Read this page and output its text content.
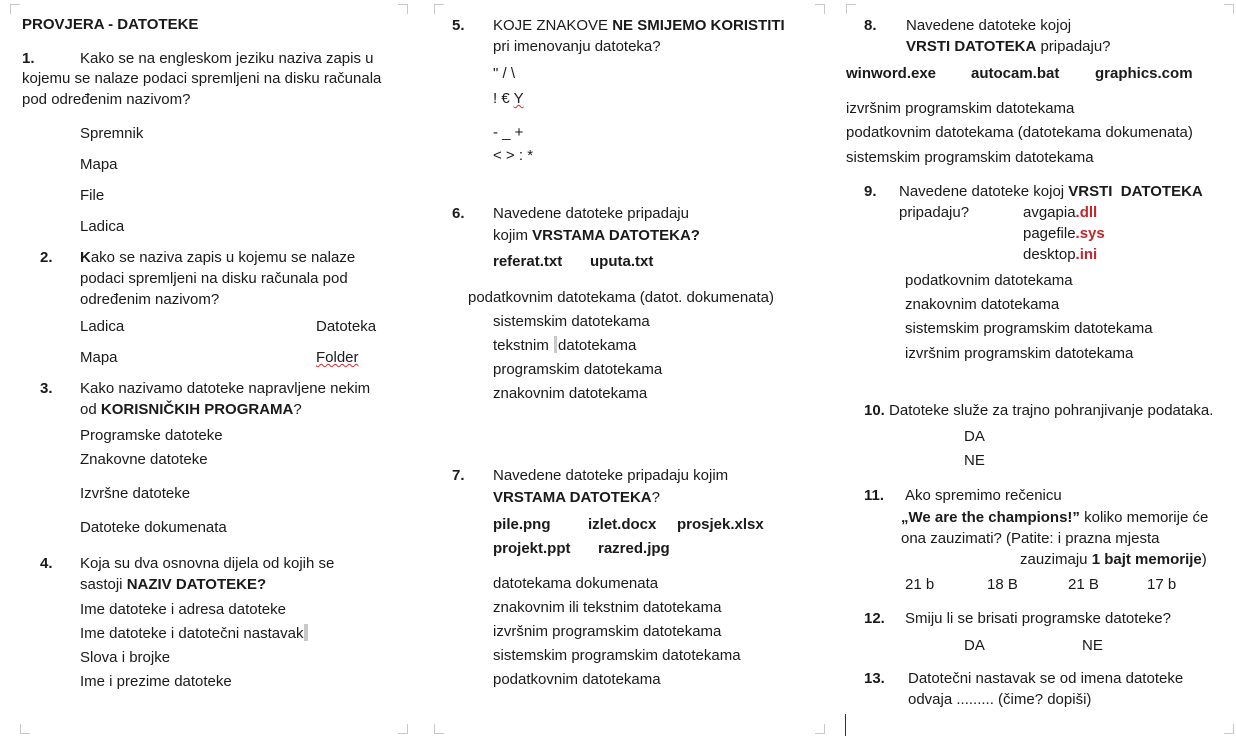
PROVJERA - DATOTEKE
1.	Kako se na engleskom jeziku naziva zapis u
kojemu se nalaze podaci spremljeni na disku računala
pod određenim nazivom?
Spremnik
Mapa
File
Ladica
2. Kako se naziva zapis u kojemu se nalaze
podaci spremljeni na disku računala pod
određenim nazivom?
Ladica	Datoteka
Mapa	Folder
3. Kako nazivamo datoteke napravljene nekim
od KORISNIČKIH PROGRAMA?
Programske datoteke
Znakovne datoteke
Izvršne datoteke
Datoteke dokumenata
4. Koja su dva osnovna dijela od kojih se
sastoji NAZIV DATOTEKE?
Ime datoteke i adresa datoteke
Ime datoteke i datotečni nastavak
Slova i brojke
Ime i prezime datoteke
5. KOJE ZNAKOVE NE SMIJEMO KORISTITI
pri imenovanju datoteka?
" / \
! € Y
- _ +
< > : *
6. Navedene datoteke pripadaju
kojim VRSTAMA DATOTEKA?
referat.txt uputa.txt
podatkovnim datotekama (datot. dokumenata)
sistemskim datotekama
tekstnim datotekama
programskim datotekama
znakovnim datotekama
7. Navedene datoteke pripadaju kojim
VRSTAMA DATOTEKA?
pile.png	izlet.docx prosjek.xlsx
projekt.ppt razred.jpg
datotekama dokumenata
znakovnim ili tekstnim datotekama
izvršnim programskim datotekama
sistemskim programskim datotekama
podatkovnim datotekama
8. Navedene datoteke kojoj
VRSTI DATOTEKA pripadaju?
winword.exe autocam.bat graphics.com
izvršnim programskim datotekama
podatkovnim datotekama (datotekama dokumenata)
sistemskim programskim datotekama
9. Navedene datoteke kojoj VRSTI  DATOTEKA
pripadaju?	avgapia.dll
pagefile.sys
desktop.ini
podatkovnim datotekama
znakovnim datotekama
sistemskim programskim datotekama
izvršnim programskim datotekama
10. Datoteke služe za trajno pohranjivanje podataka.
DA
NE
11. Ako spremimo rečenicu
„We are the champions!” koliko memorije će
ona zauzimati? (Patite: i prazna mjesta
zauzimaju 1 bajt memorije)
21 b	18 B	21 B	17 b
12. Smiju li se brisati programske datoteke?
DA	NE
13. Datotečni nastavak se od imena datoteke
odvaja ......... (čime? dopiši)
